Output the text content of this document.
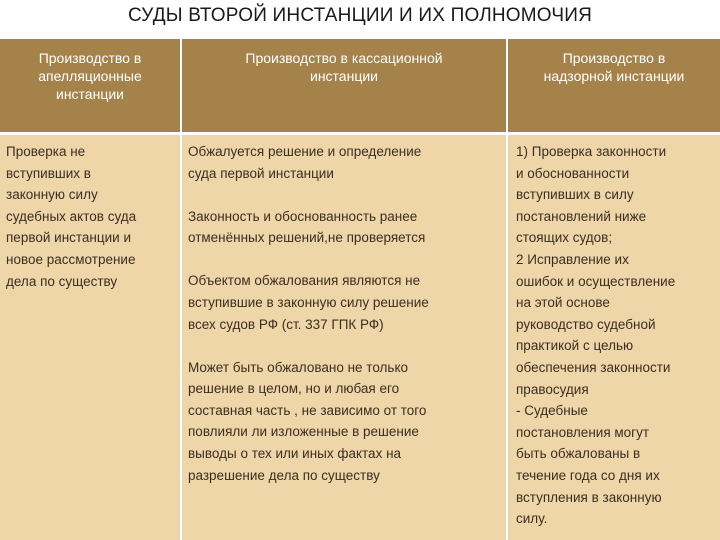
СУДЫ ВТОРОЙ ИНСТАНЦИИ И ИХ ПОЛНОМОЧИЯ
Производство в
апелляционные
инстанции
Производство в кассационной
инстанции
Производство в
надзорной инстанции

Проверка не
вступивших в
законную силу
судебных актов суда
первой инстанции и
новое рассмотрение
дела по существу

Обжалуется решение и определение
суда первой инстанции

Законность и обоснованность ранее
отменённых решений,не проверяется

Объектом обжалования являются не
вступившие в законную силу решение
всех судов РФ (ст. 337 ГПК РФ)

Может быть обжаловано не только
решение в целом, но и любая его
составная часть , не зависимо от того
повлияли ли изложенные в решение
выводы о тех или иных фактах на
разрешение дела по существу

1) Проверка законности
и обоснованности
вступивших в силу
постановлений ниже
стоящих судов;
2 Исправление их
ошибок и осуществление
на этой основе
руководство судебной
практикой с целью
обеспечения законности
правосудия
- Судебные
постановления могут
быть обжалованы в
течение года со дня их
вступления в законную
силу.
